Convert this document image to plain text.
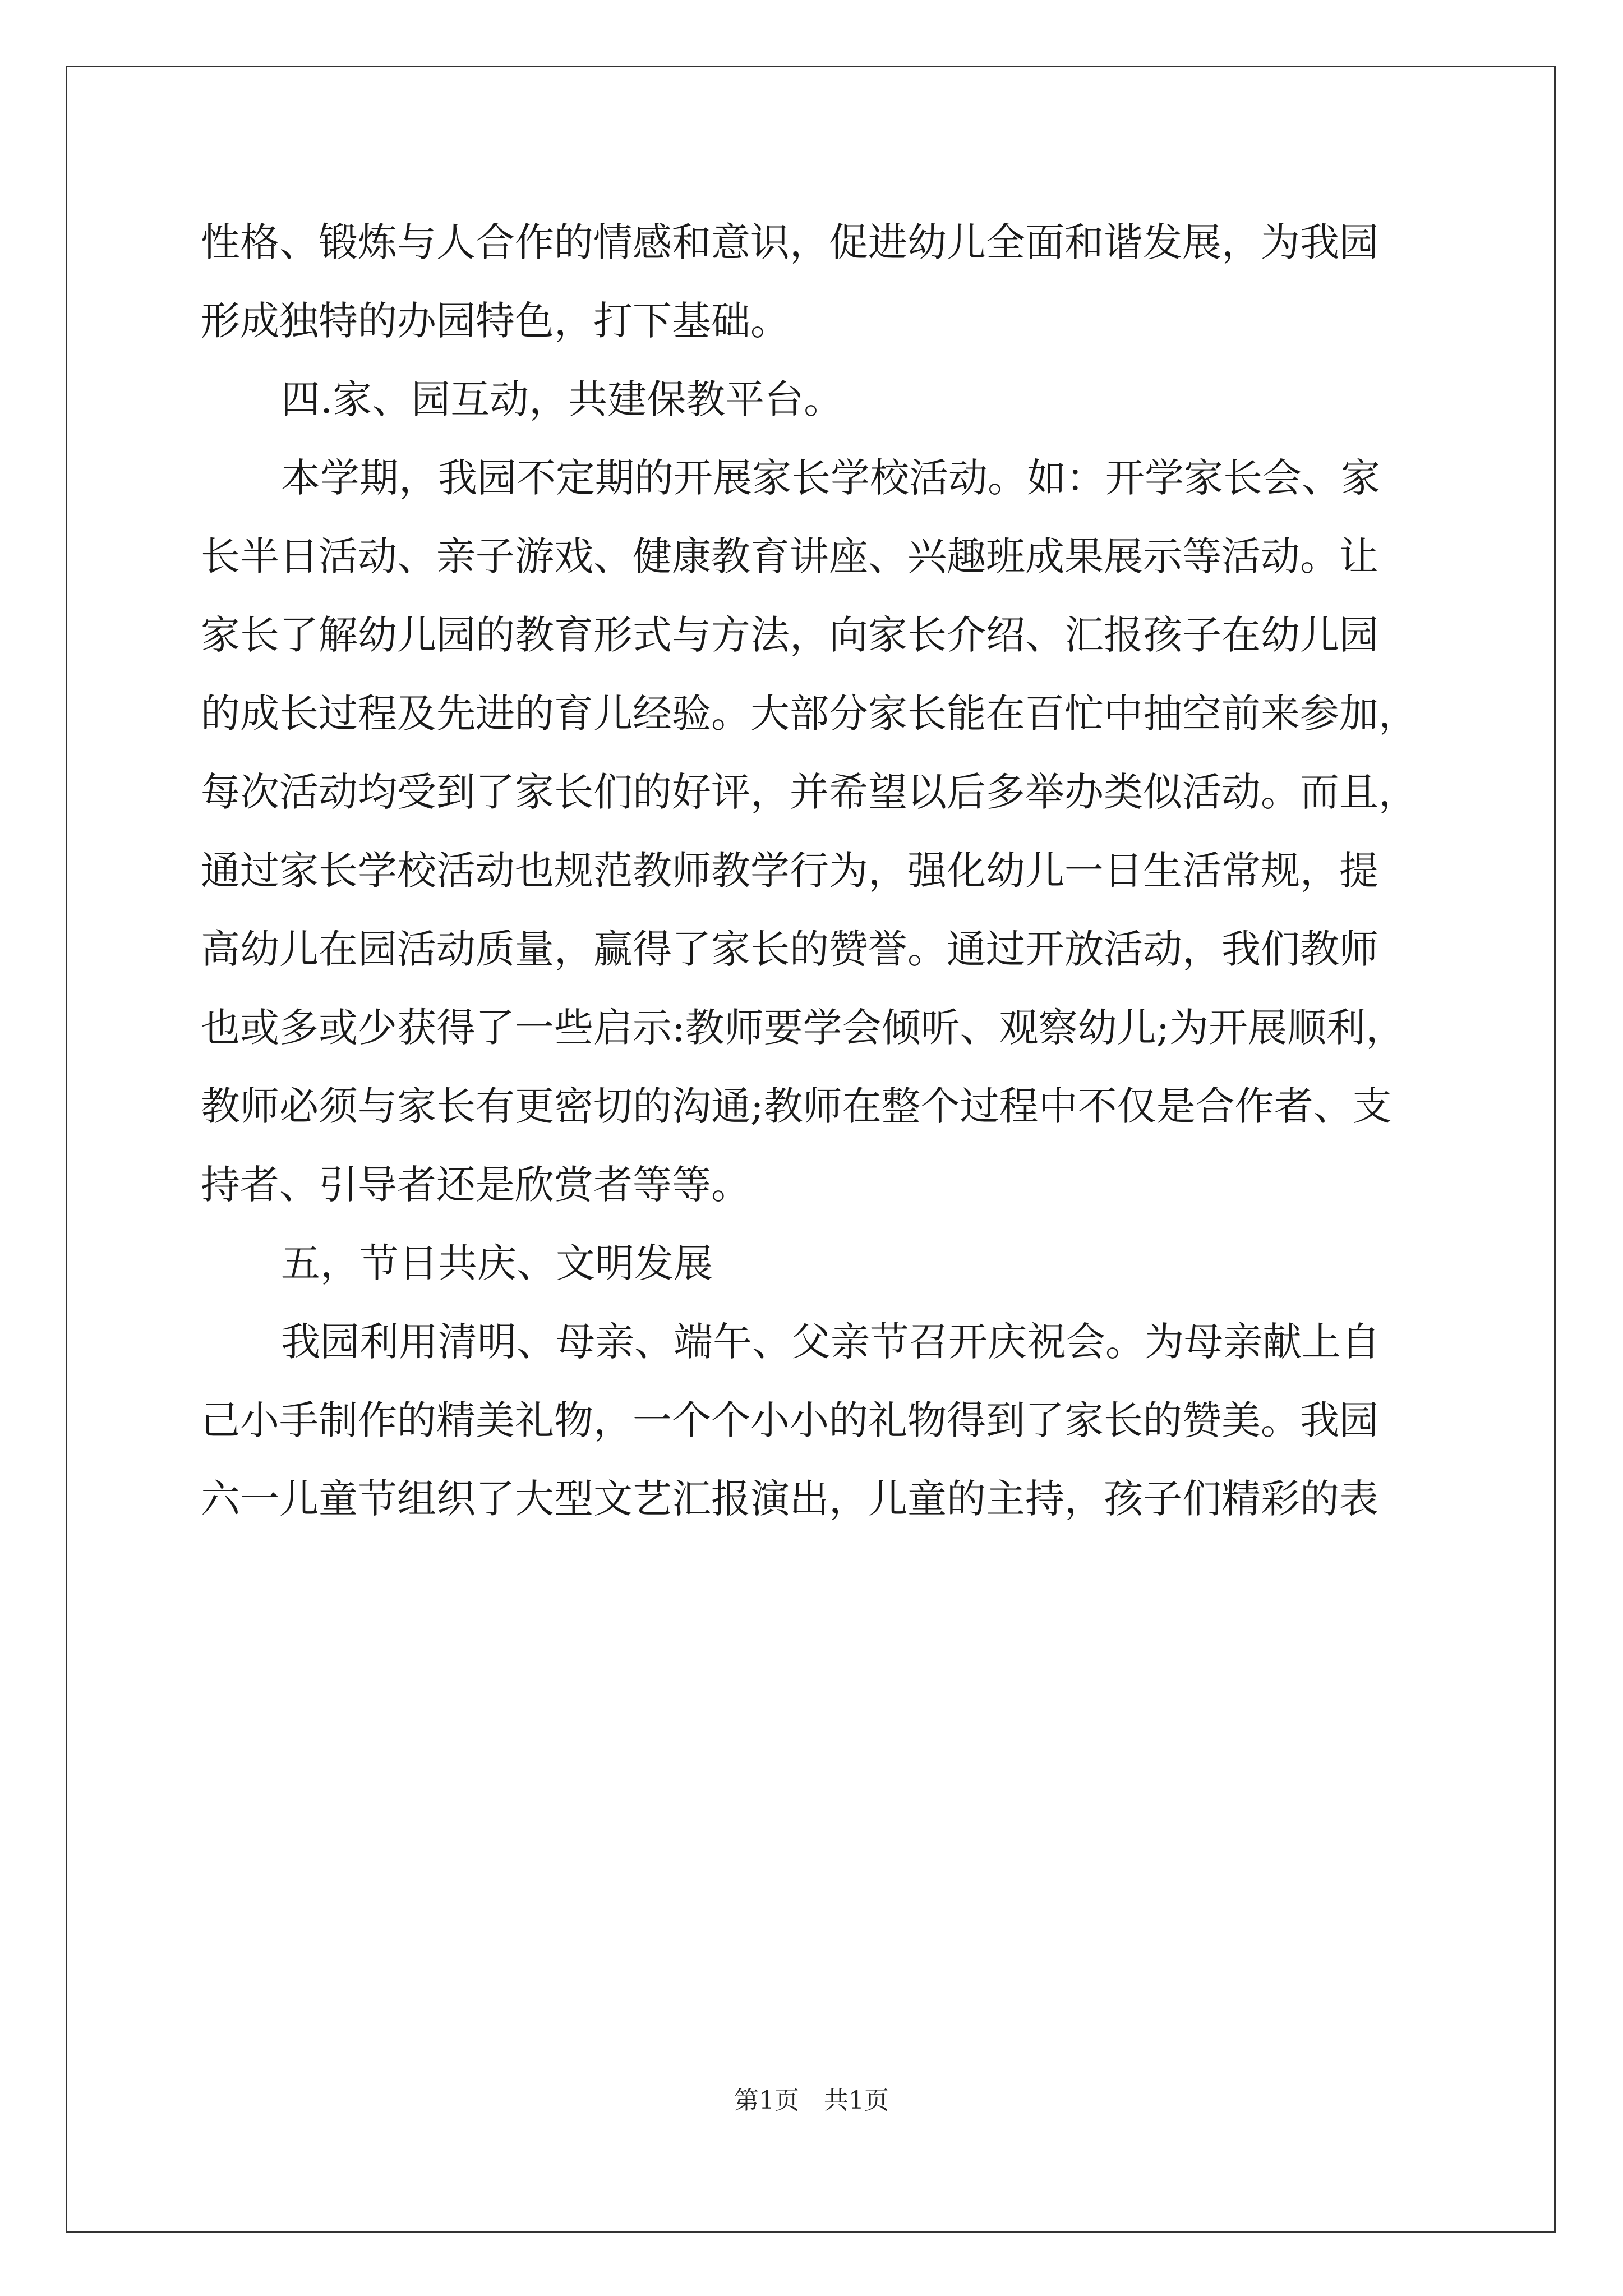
性格、锻炼与人合作的情感和意识，促进幼儿全面和谐发展，为我园
形成独特的办园特色，打下基础。
四.家、园互动，共建保教平台。
本学期，我园不定期的开展家长学校活动。如：开学家长会、家
长半日活动、亲子游戏、健康教育讲座、兴趣班成果展示等活动。让
家长了解幼儿园的教育形式与方法，向家长介绍、汇报孩子在幼儿园
的成长过程及先进的育儿经验。大部分家长能在百忙中抽空前来参加，
每次活动均受到了家长们的好评，并希望以后多举办类似活动。而且，
通过家长学校活动也规范教师教学行为，强化幼儿一日生活常规，提
高幼儿在园活动质量，赢得了家长的赞誉。通过开放活动，我们教师
也或多或少获得了一些启示:教师要学会倾听、观察幼儿;为开展顺利，
教师必须与家长有更密切的沟通;教师在整个过程中不仅是合作者、支
持者、引导者还是欣赏者等等。
五，节日共庆、文明发展
我园利用清明、母亲、端午、父亲节召开庆祝会。为母亲献上自
己小手制作的精美礼物，一个个小小的礼物得到了家长的赞美。我园
六一儿童节组织了大型文艺汇报演出，儿童的主持，孩子们精彩的表
第1页　共1页
